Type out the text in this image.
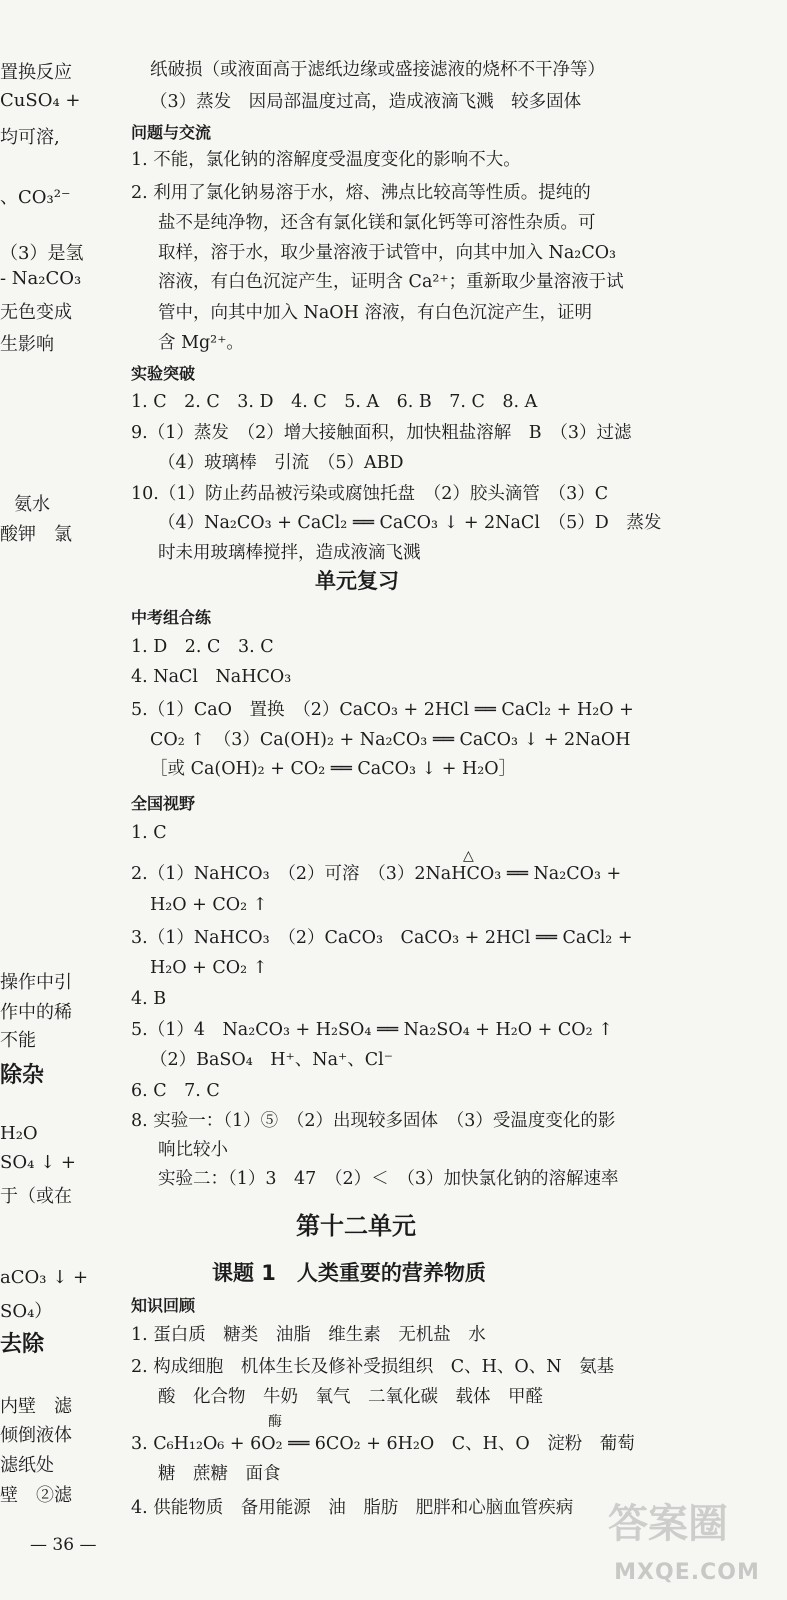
置换反应
CuSO₄ +
均可溶,
、CO₃²⁻
（3）是氢
- Na₂CO₃
无色变成
生影响
氨水
酸钾　氯
操作中引
作中的稀
不能
除杂
H₂O
SO₄ ↓ +
于（或在
aCO₃ ↓ +
SO₄）
去除
内壁　滤
倾倒液体
滤纸处
壁　②滤
纸破损（或液面高于滤纸边缘或盛接滤液的烧杯不干净等）
（3）蒸发　因局部温度过高，造成液滴飞溅　较多固体
1. 不能，氯化钠的溶解度受温度变化的影响不大。
2. 利用了氯化钠易溶于水，熔、沸点比较高等性质。提纯的
盐不是纯净物，还含有氯化镁和氯化钙等可溶性杂质。可
取样，溶于水，取少量溶液于试管中，向其中加入 Na₂CO₃
溶液，有白色沉淀产生，证明含 Ca²⁺；重新取少量溶液于试
管中，向其中加入 NaOH 溶液，有白色沉淀产生，证明
含 Mg²⁺。
1. C　2. C　3. D　4. C　5. A　6. B　7. C　8. A
9.（1）蒸发　（2）增大接触面积，加快粗盐溶解　B　（3）过滤
（4）玻璃棒　引流　（5）ABD
10.（1）防止药品被污染或腐蚀托盘　（2）胶头滴管　（3）C
（4）Na₂CO₃ + CaCl₂ ══ CaCO₃ ↓ + 2NaCl　（5）D　蒸发
时未用玻璃棒搅拌，造成液滴飞溅
1. D　2. C　3. C
4. NaCl　NaHCO₃
5.（1）CaO　置换　（2）CaCO₃ + 2HCl ══ CaCl₂ + H₂O +
CO₂ ↑　（3）Ca(OH)₂ + Na₂CO₃ ══ CaCO₃ ↓ + 2NaOH
［或 Ca(OH)₂ + CO₂ ══ CaCO₃ ↓ + H₂O］
1. C
2.（1）NaHCO₃　（2）可溶　（3）2NaHCO₃ ══ Na₂CO₃ +
H₂O + CO₂ ↑
3.（1）NaHCO₃　（2）CaCO₃　CaCO₃ + 2HCl ══ CaCl₂ +
H₂O + CO₂ ↑
4. B
5.（1）4　Na₂CO₃ + H₂SO₄ ══ Na₂SO₄ + H₂O + CO₂ ↑
（2）BaSO₄　H⁺、Na⁺、Cl⁻
6. C　7. C
8. 实验一：（1）⑤　（2）出现较多固体　（3）受温度变化的影
响比较小
实验二：（1）3　47　（2）＜　（3）加快氯化钠的溶解速率
1. 蛋白质　糖类　油脂　维生素　无机盐　水
2. 构成细胞　机体生长及修补受损组织　C、H、O、N　氨基
酸　化合物　牛奶　氧气　二氧化碳　载体　甲醛
3. C₆H₁₂O₆ + 6O₂ ══ 6CO₂ + 6H₂O　C、H、O　淀粉　葡萄
糖　蔗糖　面食
4. 供能物质　备用能源　油　脂肪　肥胖和心脑血管疾病
问题与交流
实验突破
中考组合练
全国视野
知识回顾
单元复习
第十二单元
课题 1　人类重要的营养物质
— 36 —	答案圈
MXQE.COM
△
酶
